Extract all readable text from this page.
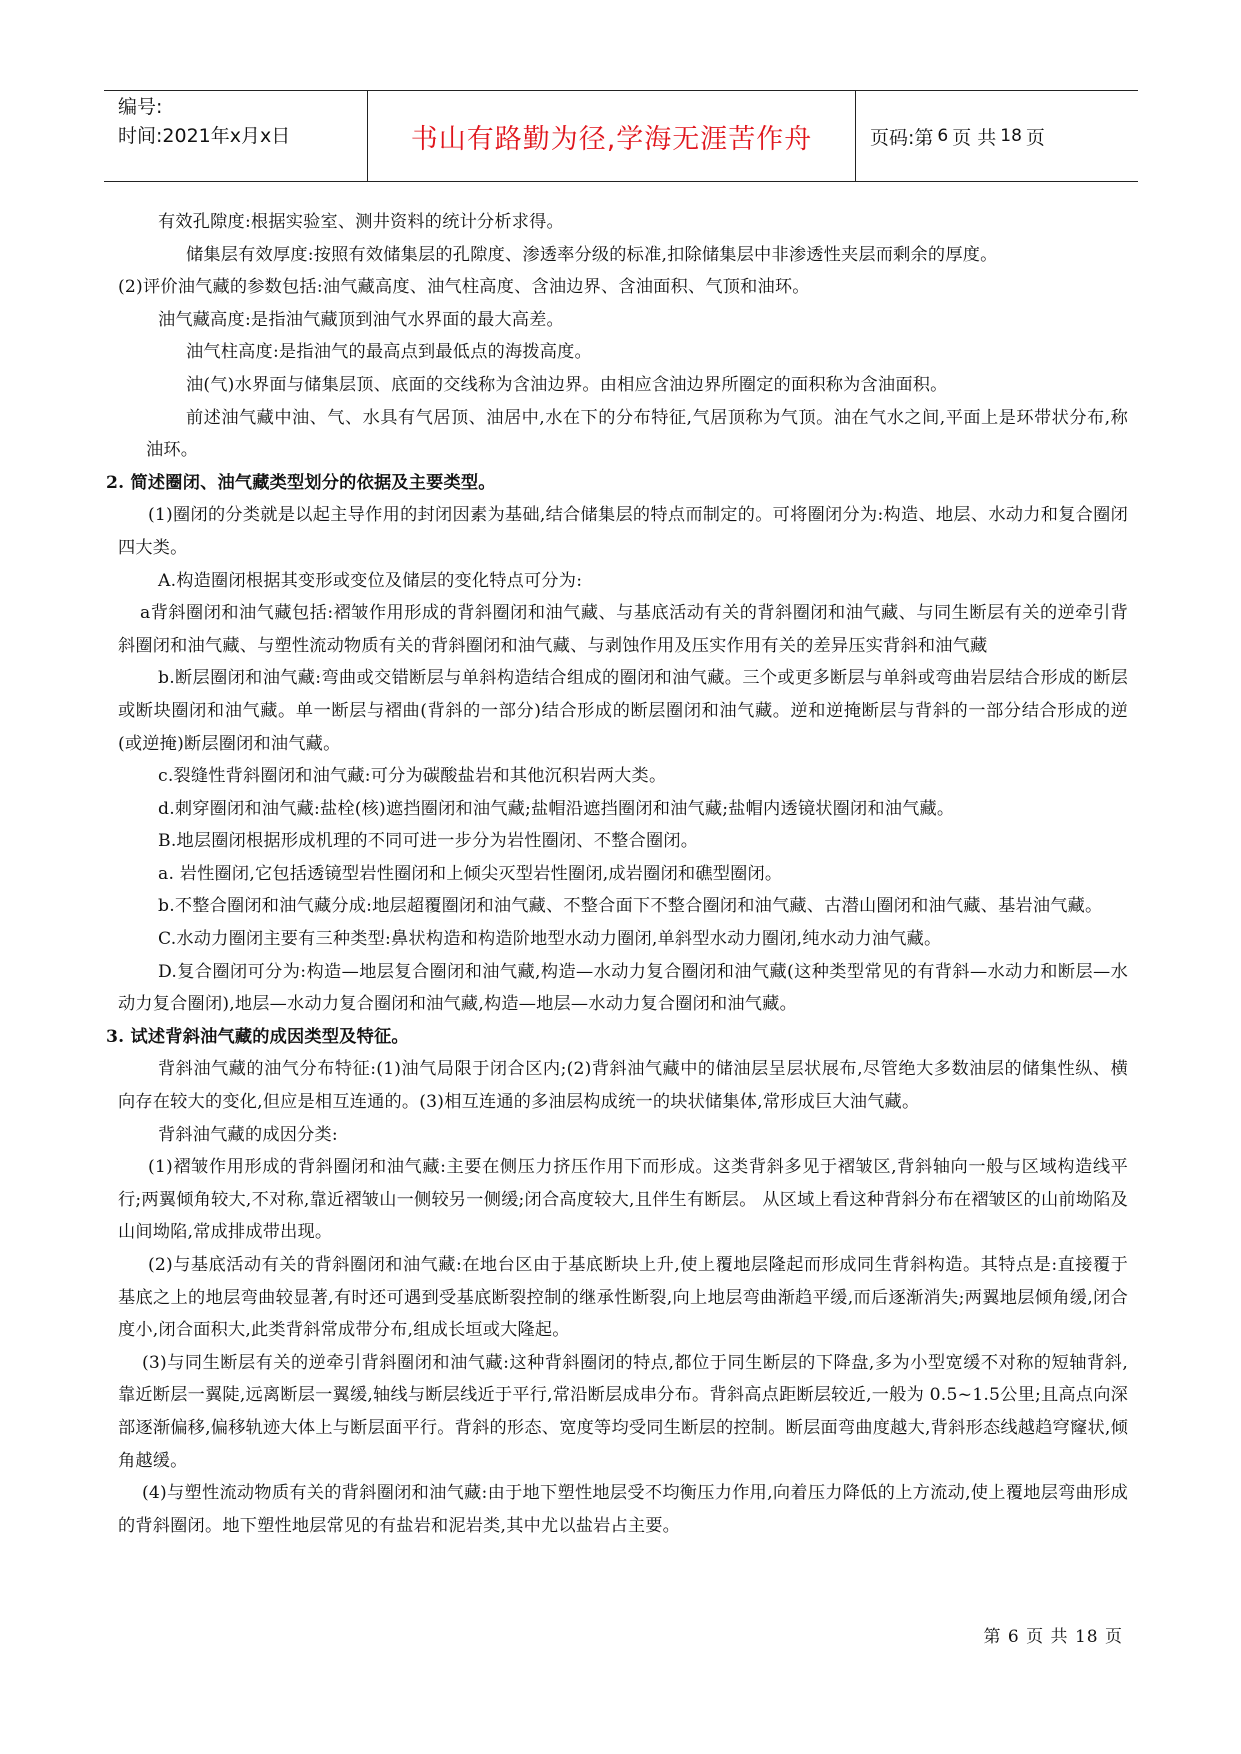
编号:
时间:2021年x月x日	书山有路勤为径,学海无涯苦作舟	页码:第 6 页 共 18 页

有效孔隙度:根据实验室、测井资料的统计分析求得。

储集层有效厚度:按照有效储集层的孔隙度、渗透率分级的标准,扣除储集层中非渗透性夹层而剩余的厚度。

(2)评价油气藏的参数包括:油气藏高度、油气柱高度、含油边界、含油面积、气顶和油环。

油气藏高度:是指油气藏顶到油气水界面的最大高差。

油气柱高度:是指油气的最高点到最低点的海拨高度。

油(气)水界面与储集层顶、底面的交线称为含油边界。由相应含油边界所圈定的面积称为含油面积。

前述油气藏中油、气、水具有气居顶、油居中,水在下的分布特征,气居顶称为气顶。油在气水之间,平面上是环带状分布,称油环。

2. 简述圈闭、油气藏类型划分的依据及主要类型。

(1)圈闭的分类就是以起主导作用的封闭因素为基础,结合储集层的特点而制定的。可将圈闭分为:构造、地层、水动力和复合圈闭四大类。

A.构造圈闭根据其变形或变位及储层的变化特点可分为:

a背斜圈闭和油气藏包括:褶皱作用形成的背斜圈闭和油气藏、与基底活动有关的背斜圈闭和油气藏、与同生断层有关的逆牵引背斜圈闭和油气藏、与塑性流动物质有关的背斜圈闭和油气藏、与剥蚀作用及压实作用有关的差异压实背斜和油气藏

b.断层圈闭和油气藏:弯曲或交错断层与单斜构造结合组成的圈闭和油气藏。三个或更多断层与单斜或弯曲岩层结合形成的断层或断块圈闭和油气藏。单一断层与褶曲(背斜的一部分)结合形成的断层圈闭和油气藏。逆和逆掩断层与背斜的一部分结合形成的逆(或逆掩)断层圈闭和油气藏。

c.裂缝性背斜圈闭和油气藏:可分为碳酸盐岩和其他沉积岩两大类。

d.刺穿圈闭和油气藏:盐栓(核)遮挡圈闭和油气藏;盐帽沿遮挡圈闭和油气藏;盐帽内透镜状圈闭和油气藏。

B.地层圈闭根据形成机理的不同可进一步分为岩性圈闭、不整合圈闭。

a. 岩性圈闭,它包括透镜型岩性圈闭和上倾尖灭型岩性圈闭,成岩圈闭和礁型圈闭。

b.不整合圈闭和油气藏分成:地层超覆圈闭和油气藏、不整合面下不整合圈闭和油气藏、古潜山圈闭和油气藏、基岩油气藏。

C.水动力圈闭主要有三种类型:鼻状构造和构造阶地型水动力圈闭,单斜型水动力圈闭,纯水动力油气藏。

D.复合圈闭可分为:构造—地层复合圈闭和油气藏,构造—水动力复合圈闭和油气藏(这种类型常见的有背斜—水动力和断层—水动力复合圈闭),地层—水动力复合圈闭和油气藏,构造—地层—水动力复合圈闭和油气藏。

3. 试述背斜油气藏的成因类型及特征。

背斜油气藏的油气分布特征:(1)油气局限于闭合区内;(2)背斜油气藏中的储油层呈层状展布,尽管绝大多数油层的储集性纵、横向存在较大的变化,但应是相互连通的。(3)相互连通的多油层构成统一的块状储集体,常形成巨大油气藏。

背斜油气藏的成因分类:

(1)褶皱作用形成的背斜圈闭和油气藏:主要在侧压力挤压作用下而形成。这类背斜多见于褶皱区,背斜轴向一般与区域构造线平行;两翼倾角较大,不对称,靠近褶皱山一侧较另一侧缓;闭合高度较大,且伴生有断层。 从区域上看这种背斜分布在褶皱区的山前坳陷及山间坳陷,常成排成带出现。

(2)与基底活动有关的背斜圈闭和油气藏:在地台区由于基底断块上升,使上覆地层隆起而形成同生背斜构造。其特点是:直接覆于基底之上的地层弯曲较显著,有时还可遇到受基底断裂控制的继承性断裂,向上地层弯曲渐趋平缓,而后逐渐消失;两翼地层倾角缓,闭合度小,闭合面积大,此类背斜常成带分布,组成长垣或大隆起。

(3)与同生断层有关的逆牵引背斜圈闭和油气藏:这种背斜圈闭的特点,都位于同生断层的下降盘,多为小型宽缓不对称的短轴背斜,靠近断层一翼陡,远离断层一翼缓,轴线与断层线近于平行,常沿断层成串分布。背斜高点距断层较近,一般为 0.5~1.5公里;且高点向深部逐渐偏移,偏移轨迹大体上与断层面平行。背斜的形态、宽度等均受同生断层的控制。断层面弯曲度越大,背斜形态线越趋穹窿状,倾角越缓。

(4)与塑性流动物质有关的背斜圈闭和油气藏:由于地下塑性地层受不均衡压力作用,向着压力降低的上方流动,使上覆地层弯曲形成的背斜圈闭。地下塑性地层常见的有盐岩和泥岩类,其中尤以盐岩占主要。

第 6 页 共 18 页
